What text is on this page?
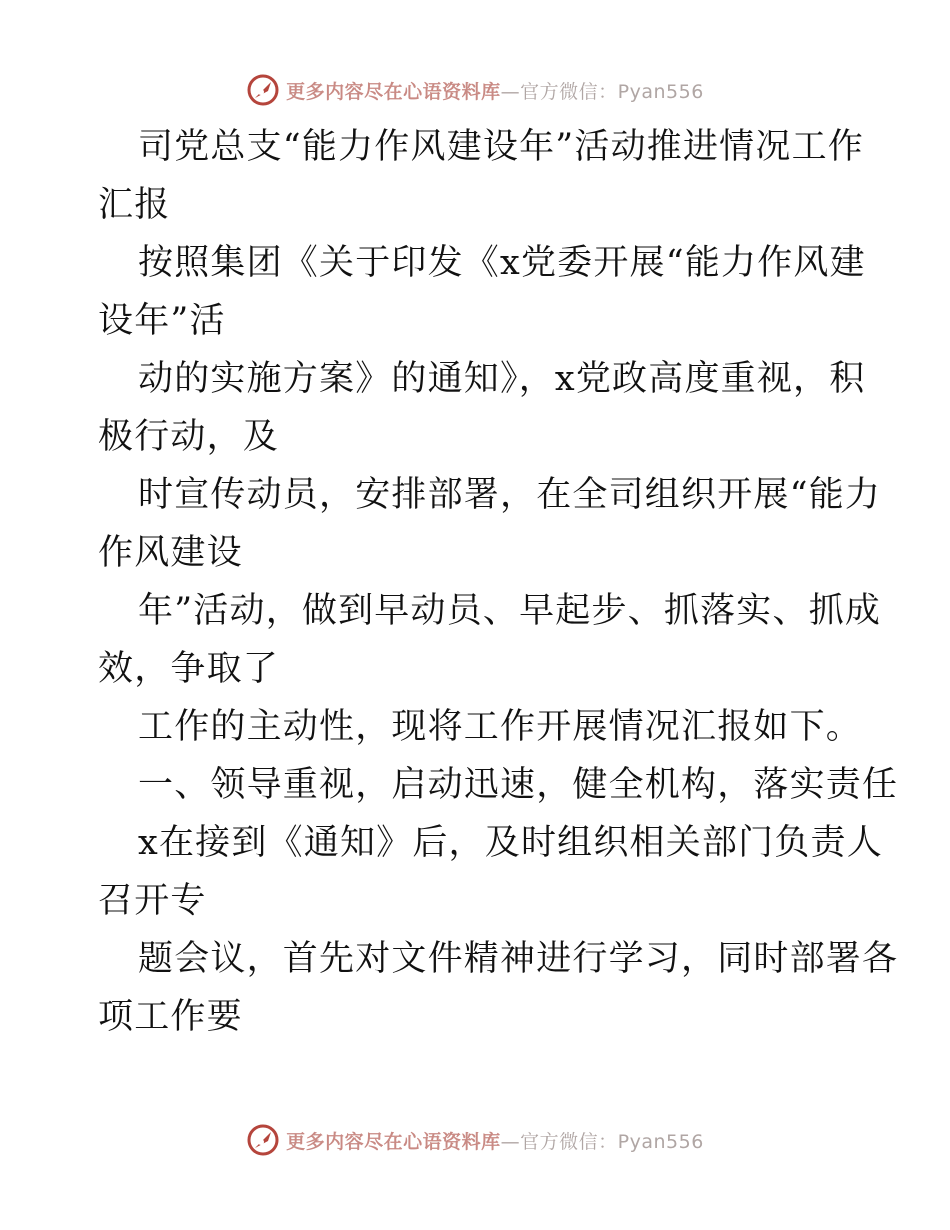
更多内容尽在心语资料库—官方微信：Pyan556
司党总支“能力作风建设年”活动推进情况工作
汇报
按照集团《关于印发《x党委开展“能力作风建
设年”活
动的实施方案》的通知》，x党政高度重视，积
极行动，及
时宣传动员，安排部署，在全司组织开展“能力
作风建设
年”活动，做到早动员、早起步、抓落实、抓成
效，争取了
工作的主动性，现将工作开展情况汇报如下。
一、领导重视，启动迅速，健全机构，落实责任
x在接到《通知》后，及时组织相关部门负责人
召开专
题会议，首先对文件精神进行学习，同时部署各
项工作要
更多内容尽在心语资料库—官方微信：Pyan556
